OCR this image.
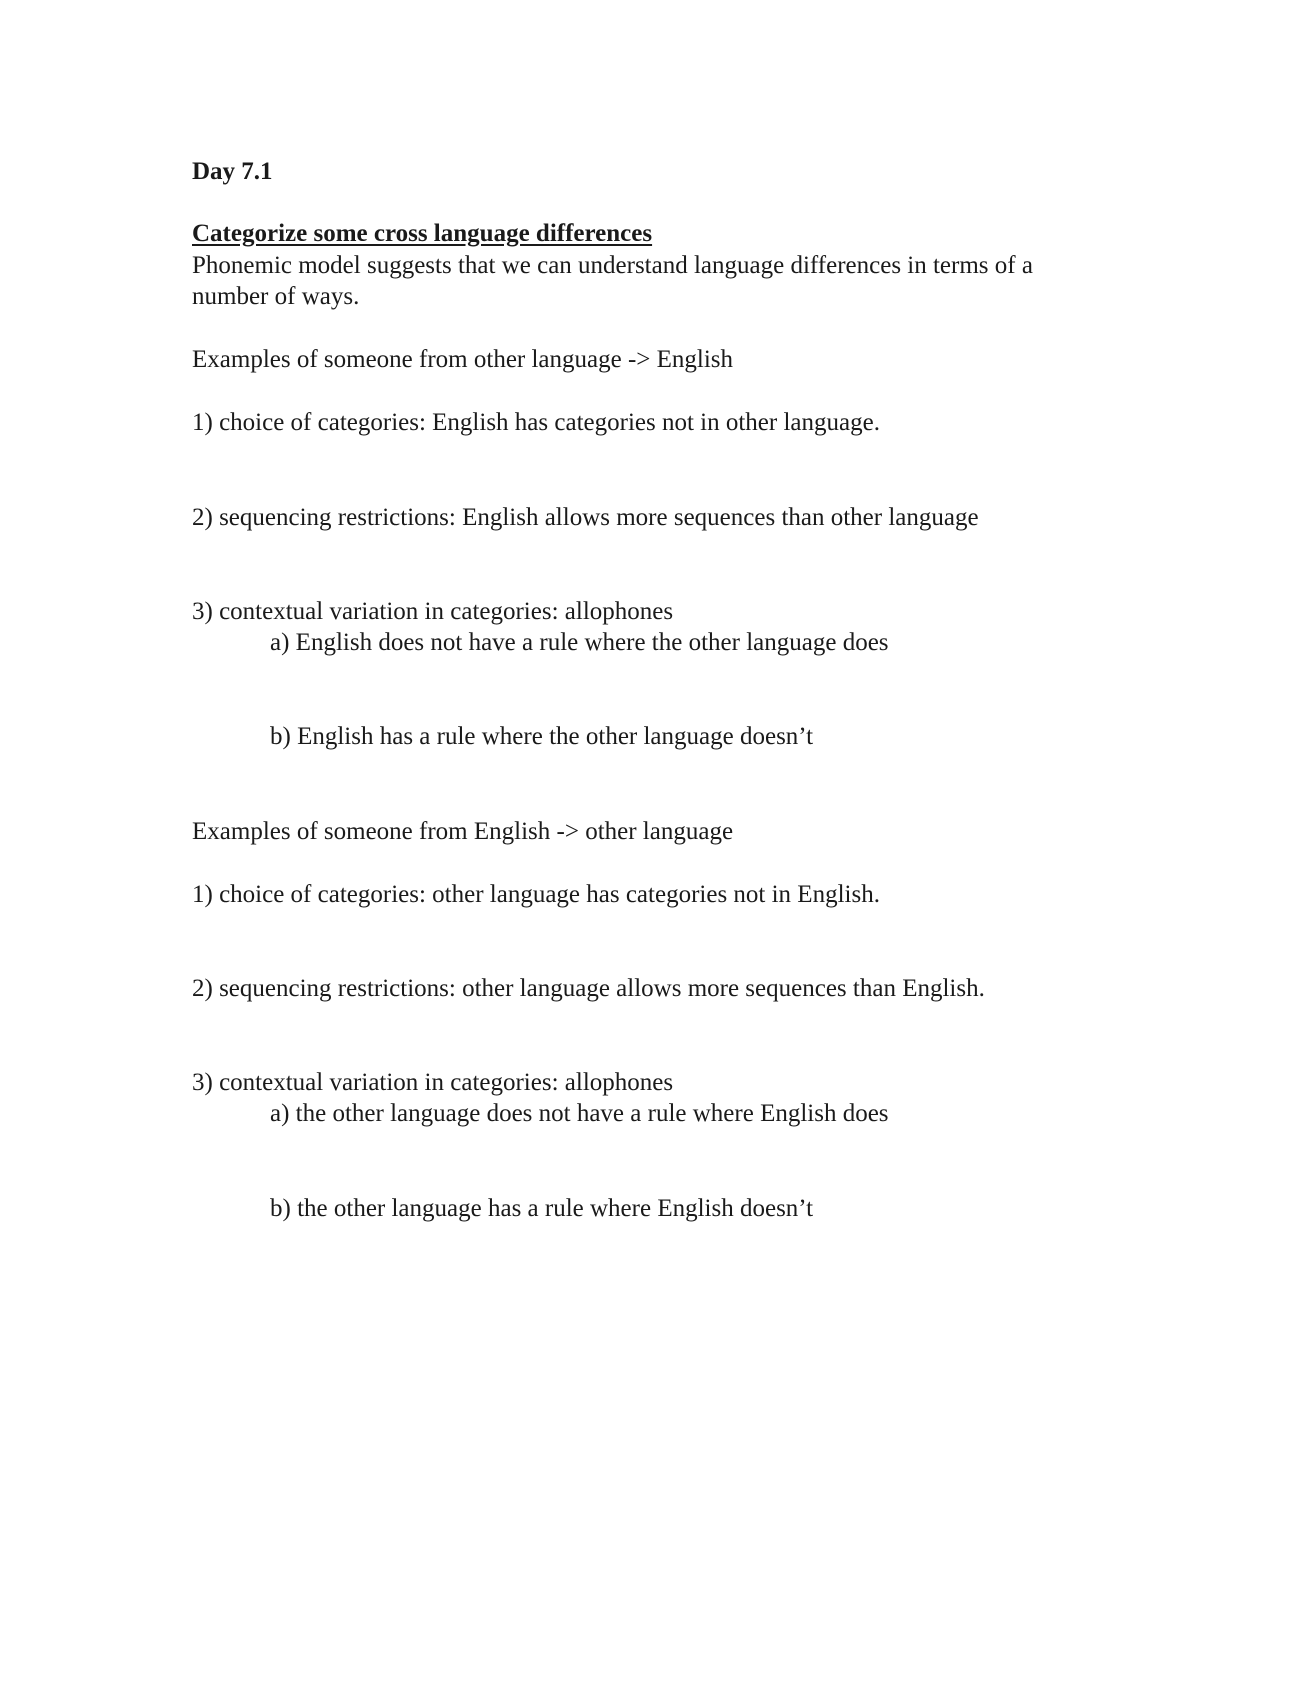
Day 7.1
Categorize some cross language differences
Phonemic model suggests that we can understand language differences in terms of a
number of ways.
Examples of someone from other language -> English
1) choice of categories: English has categories not in other language.
2) sequencing restrictions: English allows more sequences than other language
3) contextual variation in categories: allophones
a) English does not have a rule where the other language does
b) English has a rule where the other language doesn’t
Examples of someone from English -> other language
1) choice of categories: other language has categories not in English.
2) sequencing restrictions: other language allows more sequences than English.
3) contextual variation in categories: allophones
a) the other language does not have a rule where English does
b) the other language has a rule where English doesn’t
